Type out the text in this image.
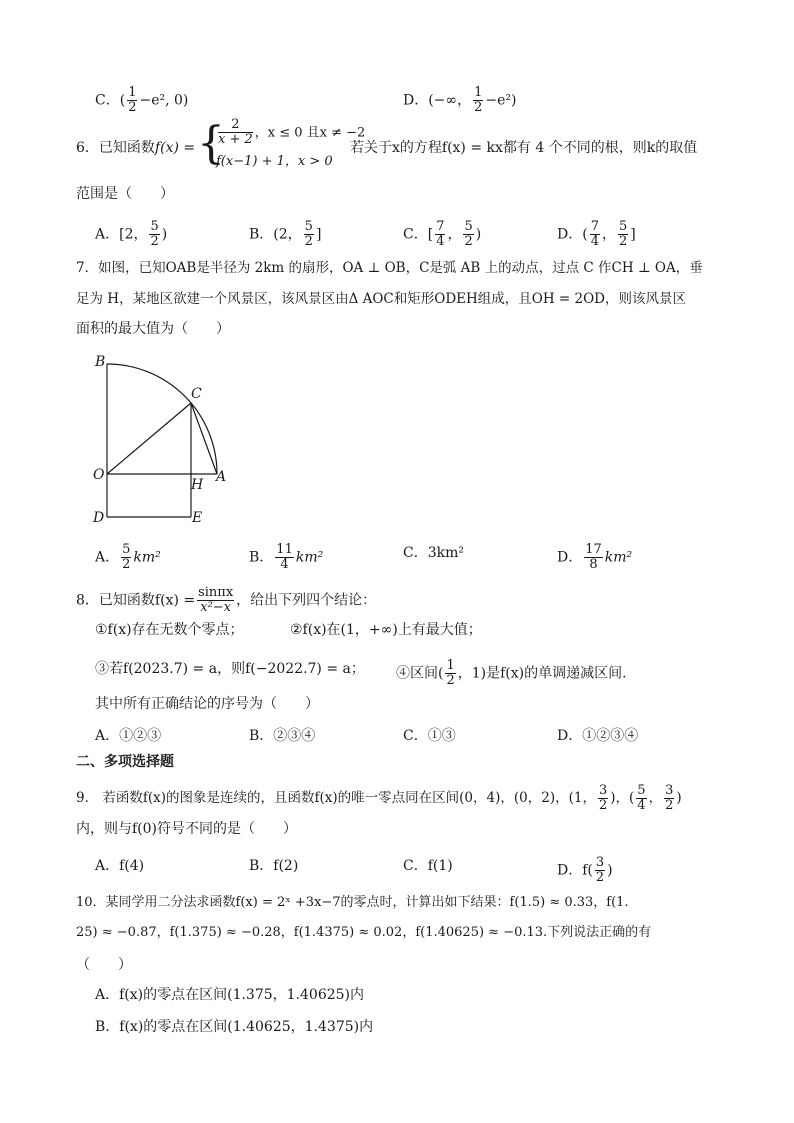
C．( $\frac{1}{2} -e^2$, 0)	D．(−∞， $\frac{1}{2} -e^2$)
6．已知函数f(x) = {
$\frac{2}{x + 2}$ ，x ≤ 0 且x ≠ −2
f(x−1) + 1，x > 0
若关于x的方程f(x) = kx都有 4 个不同的根，则k的取值
范围是（　　）
A．[2， $\frac{5}{2}$ )	B．(2， $\frac{5}{2}$ ]	C．[ $\frac{7}{4}$ ， $\frac{5}{2}$ )	D．( $\frac{7}{4}$ ， $\frac{5}{2}$ ]
7．如图，已知OAB是半径为 2km 的扇形，OA ⊥ OB，C是弧 AB 上的动点，过点 C 作CH ⊥ OA，垂
足为 H，某地区欲建一个风景区，该风景区由Δ AOC和矩形ODEH组成，且OH = 2OD，则该风景区
面积的最大值为（　　）
B
C
O
H A
D	E
A． $\frac{5}{2} km^2$	B． $\frac{11}{4} km^2$	C．3km²	D． $\frac{17}{8} km^2$
8．已知函数$f(x) = \frac{\sin\pi x}{\text{x²−x}}$ ，给出下列四个结论：
①f(x)存在无数个零点；	②f(x)在(1，+∞)上有最大值；
③若f(2023.7) = a，则f(−2022.7) = a； ④区间( $\frac{1}{2}$ ，1)是f(x)的单调递减区间．
其中所有正确结论的序号为（　　）
A．①②③	B．②③④	C．①③	D．①②③④
二、多项选择题
9． 若函数f(x)的图象是连续的，且函数f(x)的唯一零点同在区间(0，4)，(0，2)，(1， $\frac{3}{2}$ )，( $\frac{5}{4}$ ， $\frac{3}{2}$ )
内，则与f(0)符号不同的是（　　）
A．f(4)	B．f(2)	C．f(1)	D．$f( \frac{3}{2}$ )
10．某同学用二分法求函数f(x) = 2ˣ +3x−7的零点时，计算出如下结果：f(1.5) ≈ 0.33，f(1.
25) ≈ −0.87，f(1.375) ≈ −0.28，f(1.4375) ≈ 0.02，f(1.40625) ≈ −0.13.下列说法正确的有
（　　）
A．f(x)的零点在区间(1.375，1.40625)内
B．f(x)的零点在区间(1.40625，1.4375)内
